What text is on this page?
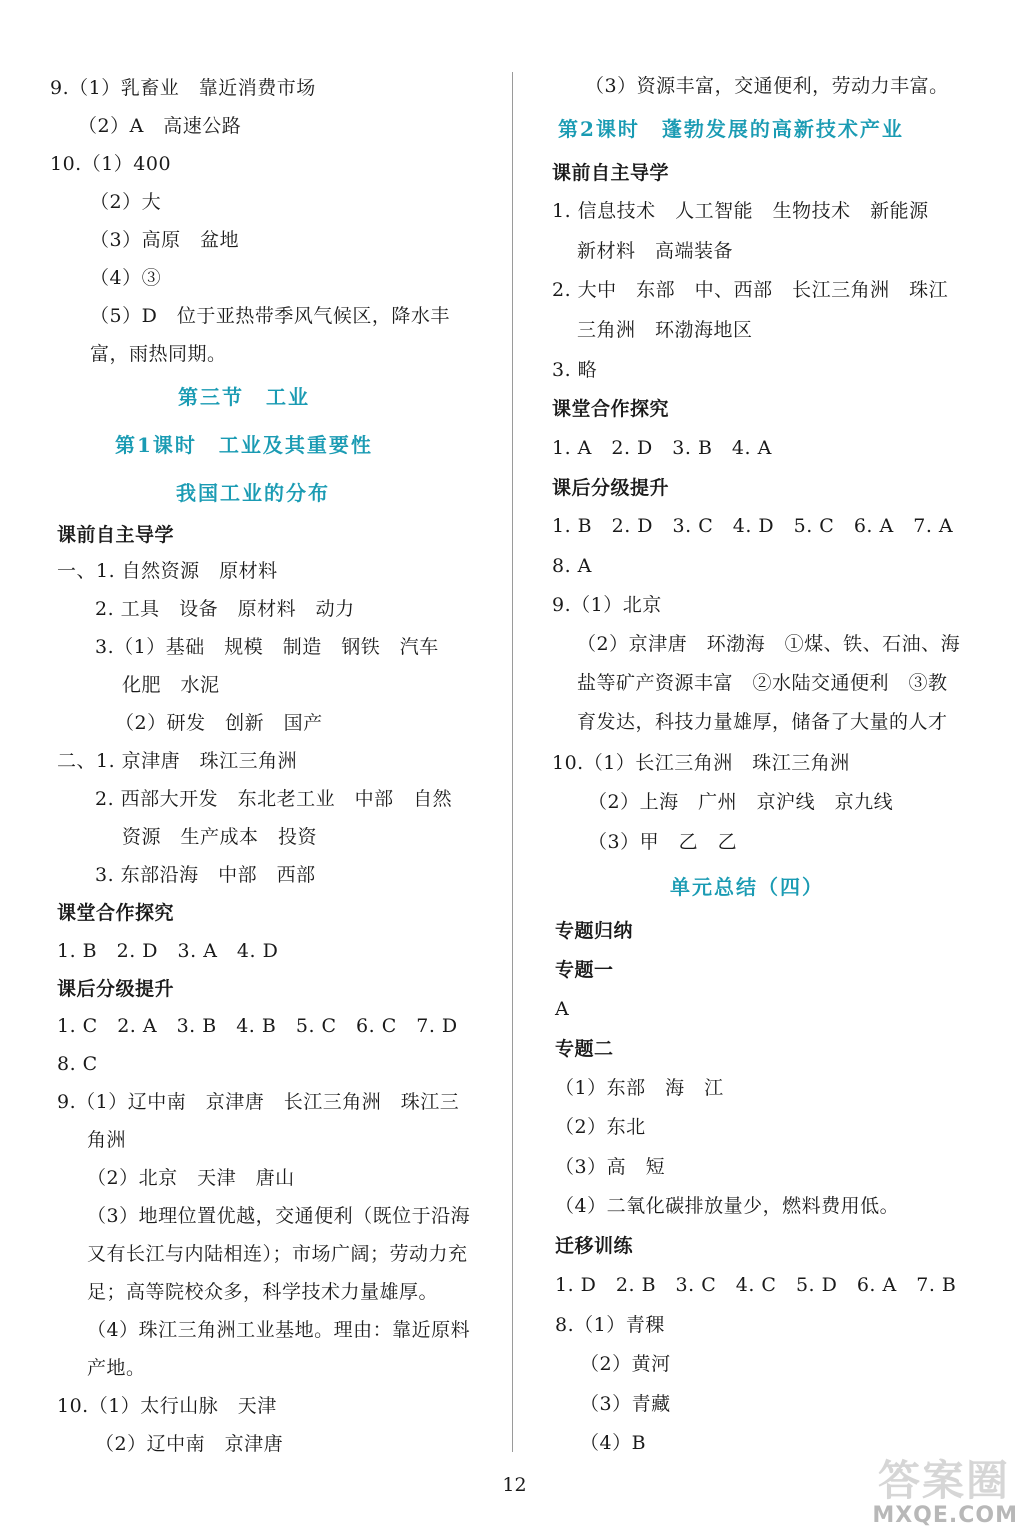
9.（1）乳畜业　靠近消费市场
（2）A　高速公路
10.（1）400
（2）大
（3）高原　盆地
（4）③
（5）D　位于亚热带季风气候区，降水丰
富，雨热同期。
第三节　工业
第1课时　工业及其重要性
我国工业的分布
课前自主导学
一、1. 自然资源　原材料
2. 工具　设备　原材料　动力
3.（1）基础　规模　制造　钢铁　汽车
化肥　水泥
（2）研发　创新　国产
二、1. 京津唐　珠江三角洲
2. 西部大开发　东北老工业　中部　自然
资源　生产成本　投资
3. 东部沿海　中部　西部
课堂合作探究
1. B　2. D　3. A　4. D
课后分级提升
1. C　2. A　3. B　4. B　5. C　6. C　7. D
8. C
9.（1）辽中南　京津唐　长江三角洲　珠江三
角洲
（2）北京　天津　唐山
（3）地理位置优越，交通便利（既位于沿海
又有长江与内陆相连）；市场广阔；劳动力充
足；高等院校众多，科学技术力量雄厚。
（4）珠江三角洲工业基地。理由：靠近原料
产地。
10.（1）太行山脉　天津
（2）辽中南　京津唐
（3）资源丰富，交通便利，劳动力丰富。
第2课时　蓬勃发展的高新技术产业
课前自主导学
1. 信息技术　人工智能　生物技术　新能源
新材料　高端装备
2. 大中　东部　中、西部　长江三角洲　珠江
三角洲　环渤海地区
3. 略
课堂合作探究
1. A　2. D　3. B　4. A
课后分级提升
1. B　2. D　3. C　4. D　5. C　6. A　7. A
8. A
9.（1）北京
（2）京津唐　环渤海　①煤、铁、石油、海
盐等矿产资源丰富　②水陆交通便利　③教
育发达，科技力量雄厚，储备了大量的人才
10.（1）长江三角洲　珠江三角洲
（2）上海　广州　京沪线　京九线
（3）甲　乙　乙
单元总结（四）
专题归纳
专题一
A
专题二
（1）东部　海　江
（2）东北
（3）高　短
（4）二氧化碳排放量少，燃料费用低。
迁移训练
1. D　2. B　3. C　4. C　5. D　6. A　7. B
8.（1）青稞
（2）黄河
（3）青藏
（4）B
12	答案圈
MXQE.COM
